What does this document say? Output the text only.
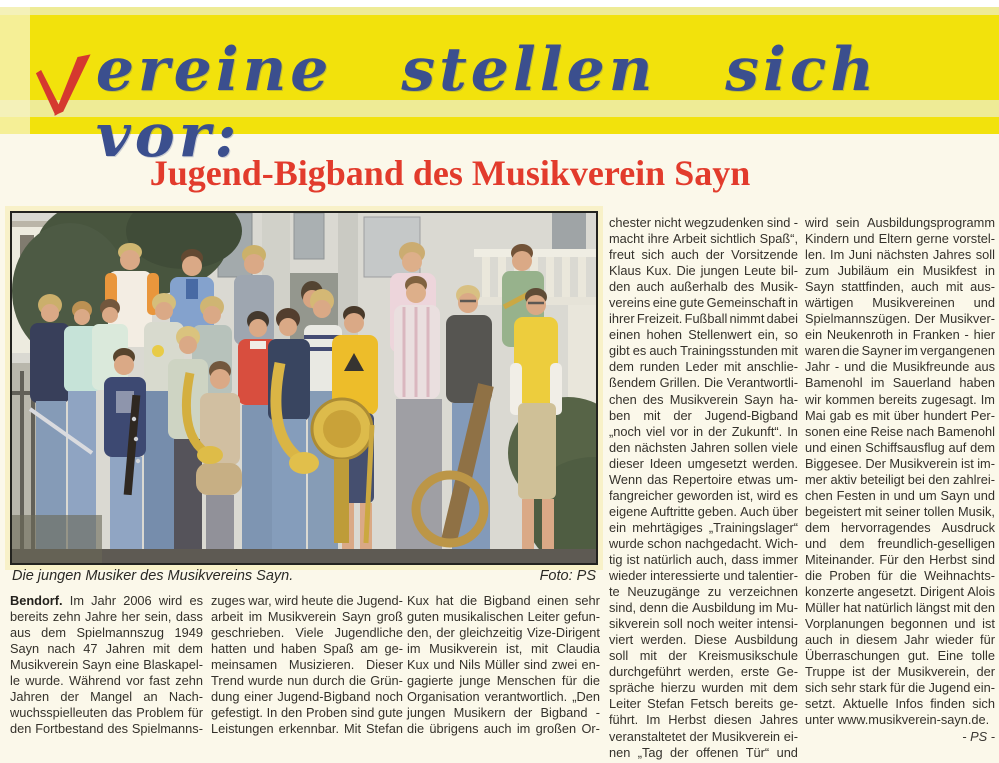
ereine stellen sich vor:
Jugend-Bigband des Musikverein Sayn
Die jungen Musiker des Musikvereins Sayn.	Foto: PS
Bendorf. Im Jahr 2006 wird es
bereits zehn Jahre her sein, dass
aus dem Spielmannszug 1949
Sayn nach 47 Jahren mit dem
Musikverein Sayn eine Blaskapel-
le wurde. Während vor fast zehn
Jahren der Mangel an Nach-
wuchsspielleuten das Problem für
den Fortbestand des Spielmanns-
zuges war, wird heute die Jugend-
arbeit im Musikverein Sayn groß
geschrieben. Viele Jugendliche
hatten und haben Spaß am ge-
meinsamen Musizieren. Dieser
Trend wurde nun durch die Grün-
dung einer Jugend-Bigband noch
gefestigt. In den Proben sind gute
Leistungen erkennbar. Mit Stefan
Kux hat die Bigband einen sehr
guten musikalischen Leiter gefun-
den, der gleichzeitig Vize-Dirigent
im Musikverein ist, mit Claudia
Kux und Nils Müller sind zwei en-
gagierte junge Menschen für die
Organisation verantwortlich. „Den
jungen Musikern der Bigband -
die übrigens auch im großen Or-
chester nicht wegzudenken sind -
macht ihre Arbeit sichtlich Spaß“,
freut sich auch der Vorsitzende
Klaus Kux. Die jungen Leute bil-
den auch außerhalb des Musik-
vereins eine gute Gemeinschaft in
ihrer Freizeit. Fußball nimmt dabei
einen hohen Stellenwert ein, so
gibt es auch Trainingsstunden mit
dem runden Leder mit anschlie-
ßendem Grillen. Die Verantwortli-
chen des Musikverein Sayn ha-
ben mit der Jugend-Bigband
„noch viel vor in der Zukunft“. In
den nächsten Jahren sollen viele
dieser Ideen umgesetzt werden.
Wenn das Repertoire etwas um-
fangreicher geworden ist, wird es
eigene Auftritte geben. Auch über
ein mehrtägiges „Trainingslager“
wurde schon nachgedacht. Wich-
tig ist natürlich auch, dass immer
wieder interessierte und talentier-
te Neuzugänge zu verzeichnen
sind, denn die Ausbildung im Mu-
sikverein soll noch weiter intensi-
viert werden. Diese Ausbildung
soll mit der Kreismusikschule
durchgeführt werden, erste Ge-
spräche hierzu wurden mit dem
Leiter Stefan Fetsch bereits ge-
führt. Im Herbst diesen Jahres
veranstaltetet der Musikverein ei-
nen „Tag der offenen Tür“ und
wird sein Ausbildungsprogramm
Kindern und Eltern gerne vorstel-
len. Im Juni nächsten Jahres soll
zum Jubiläum ein Musikfest in
Sayn stattfinden, auch mit aus-
wärtigen Musikvereinen und
Spielmannszügen. Der Musikver-
ein Neukenroth in Franken - hier
waren die Sayner im vergangenen
Jahr - und die Musikfreunde aus
Bamenohl im Sauerland haben
wir kommen bereits zugesagt. Im
Mai gab es mit über hundert Per-
sonen eine Reise nach Bamenohl
und einen Schiffsausflug auf dem
Biggesee. Der Musikverein ist im-
mer aktiv beteiligt bei den zahlrei-
chen Festen in und um Sayn und
begeistert mit seiner tollen Musik,
dem hervorragendes Ausdruck
und dem freundlich-geselligen
Miteinander. Für den Herbst sind
die Proben für die Weihnachts-
konzerte angesetzt. Dirigent Alois
Müller hat natürlich längst mit den
Vorplanungen begonnen und ist
auch in diesem Jahr wieder für
Überraschungen gut. Eine tolle
Truppe ist der Musikverein, der
sich sehr stark für die Jugend ein-
setzt. Aktuelle Infos finden sich
unter www.musikverein-sayn.de.
- PS -
